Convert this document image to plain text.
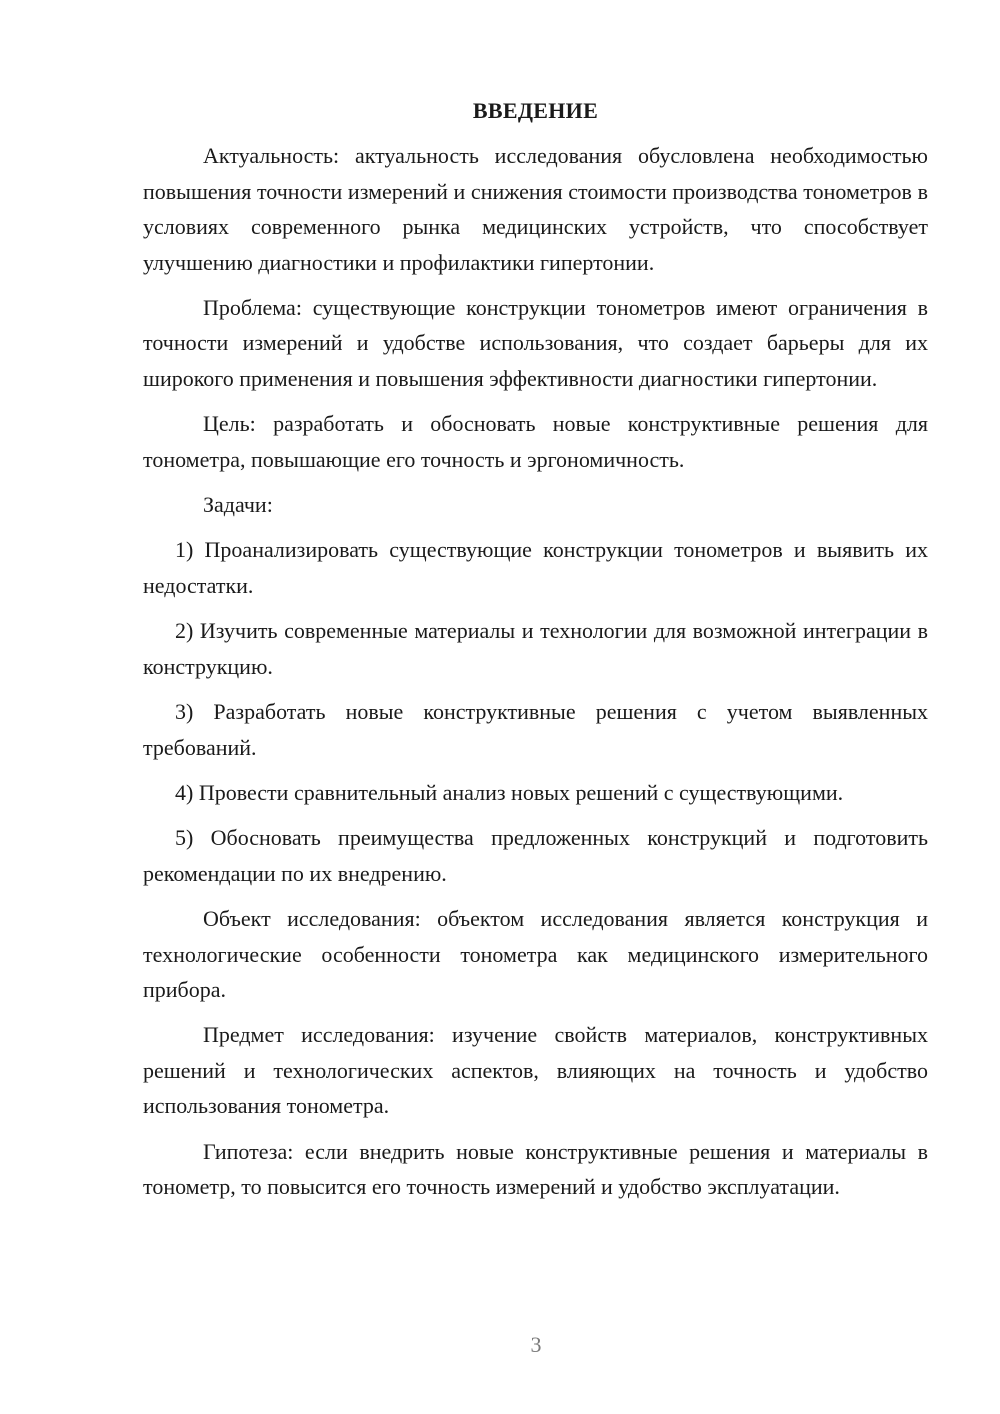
ВВЕДЕНИЕ

Актуальность: актуальность исследования обусловлена необходимостью повышения точности измерений и снижения стоимости производства тонометров в условиях современного рынка медицинских устройств, что способствует улучшению диагностики и профилактики гипертонии.

Проблема: существующие конструкции тонометров имеют ограничения в точности измерений и удобстве использования, что создает барьеры для их широкого применения и повышения эффективности диагностики гипертонии.

Цель: разработать и обосновать новые конструктивные решения для тонометра, повышающие его точность и эргономичность.

Задачи:

1) Проанализировать существующие конструкции тонометров и выявить их недостатки.

2) Изучить современные материалы и технологии для возможной интеграции в конструкцию.

3) Разработать новые конструктивные решения с учетом выявленных требований.

4) Провести сравнительный анализ новых решений с существующими.

5) Обосновать преимущества предложенных конструкций и подготовить рекомендации по их внедрению.

Объект исследования: объектом исследования является конструкция и технологические особенности тонометра как медицинского измерительного прибора.

Предмет исследования: изучение свойств материалов, конструктивных решений и технологических аспектов, влияющих на точность и удобство использования тонометра.

Гипотеза: если внедрить новые конструктивные решения и материалы в тонометр, то повысится его точность измерений и удобство эксплуатации.

3
